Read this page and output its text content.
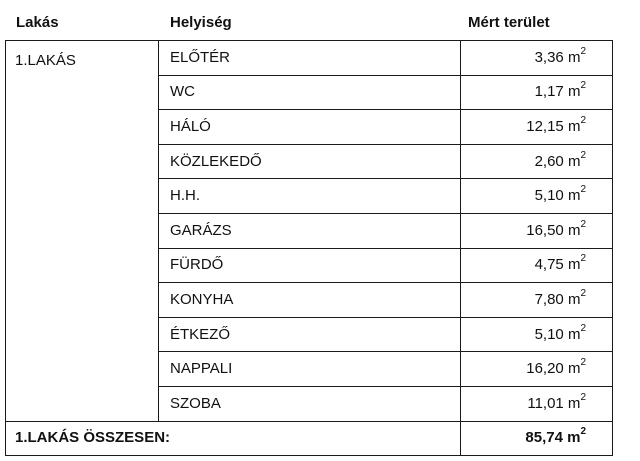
Lakás	Helyiség	Mért terület
1.LAKÁS	ELŐTÉR	3,36 $m^2$
	WC	1,17 $m^2$
	HÁLÓ	12,15 $m^2$
	KÖZLEKEDŐ	2,60 $m^2$
	H.H.	5,10 $m^2$
	GARÁZS	16,50 $m^2$
	FÜRDŐ	4,75 $m^2$
	KONYHA	7,80 $m^2$
	ÉTKEZŐ	5,10 $m^2$
	NAPPALI	16,20 $m^2$
	SZOBA	11,01 $m^2$
1.LAKÁS ÖSSZESEN:		85,74 $m^2$
